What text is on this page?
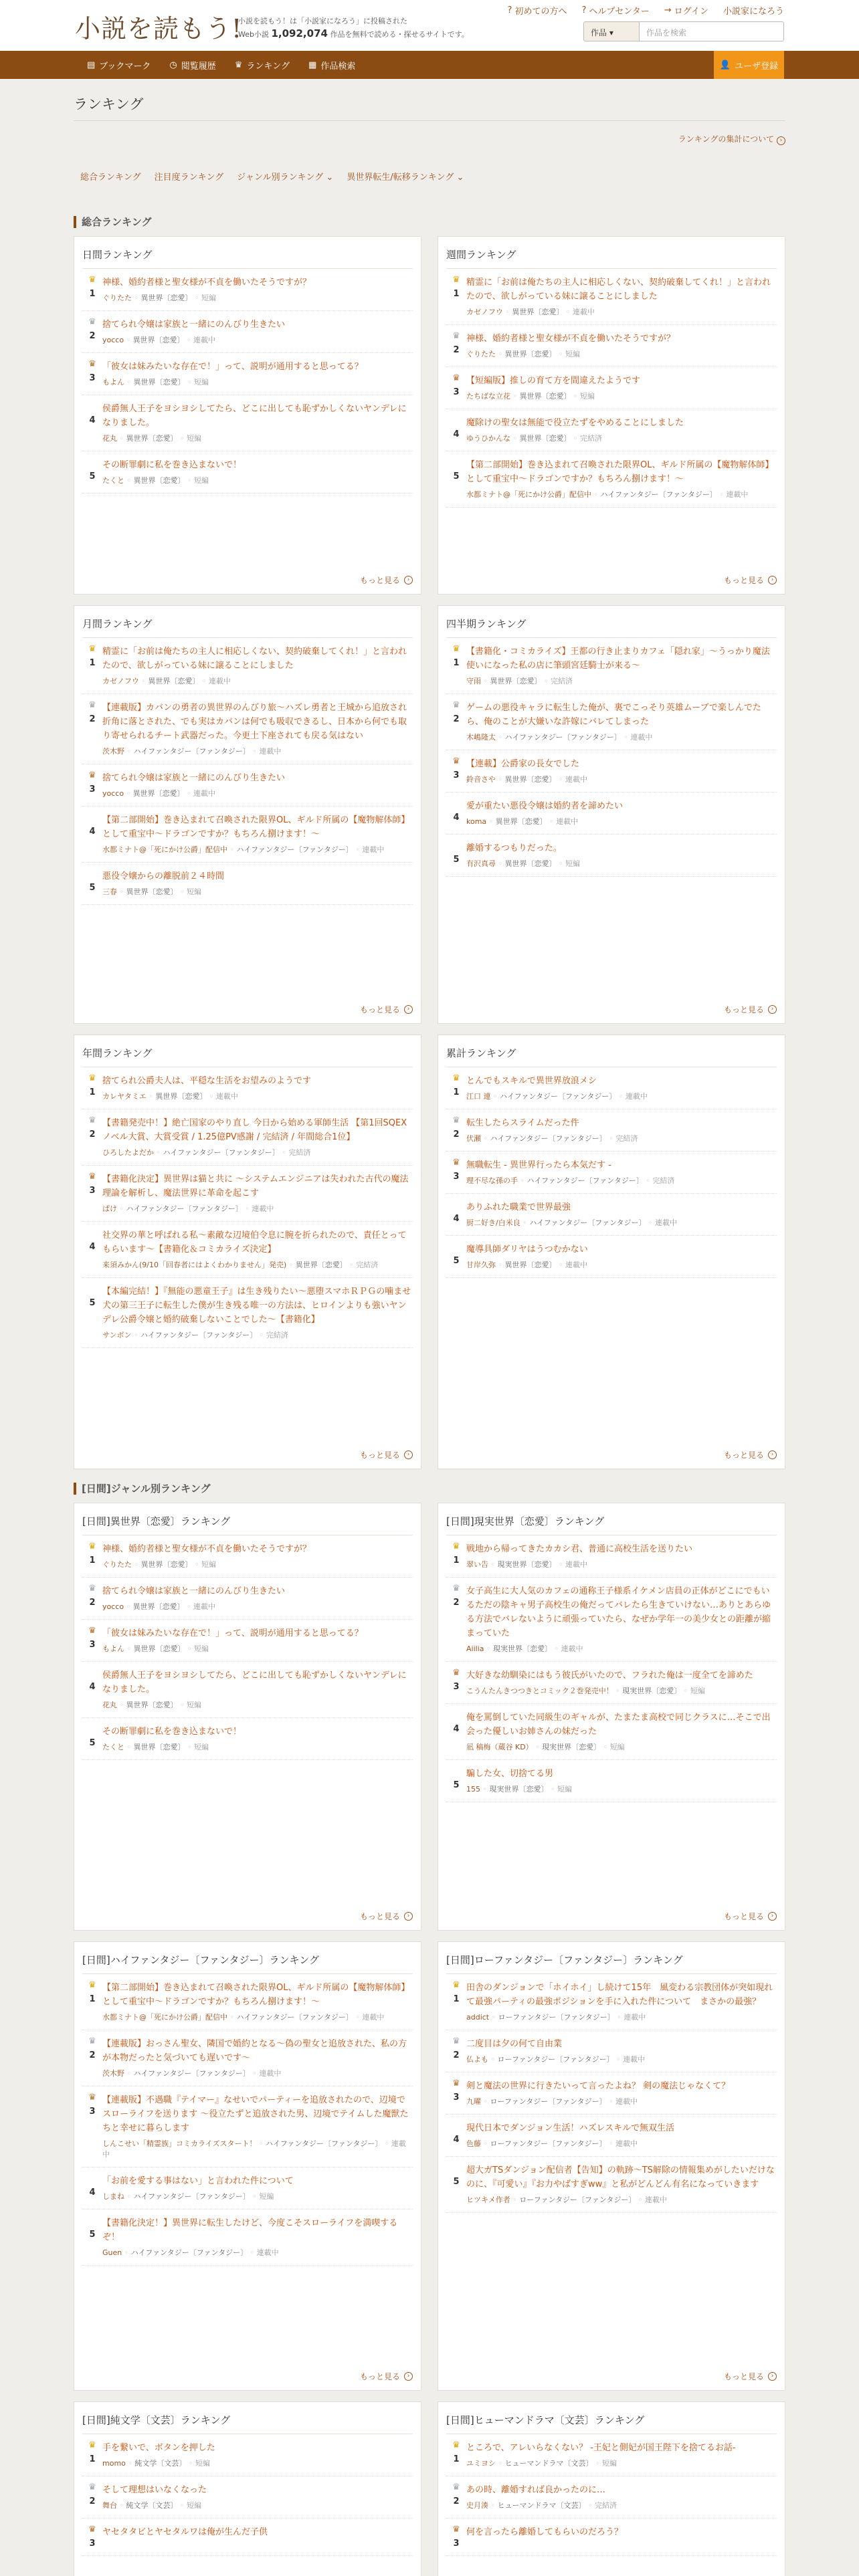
小説を読もう!
小説を読もう！は「小説家になろう」に投稿された
Web小説 1,092,074 作品を無料で読める・探せるサイトです。
? 初めての方へ ? ヘルプセンター → ログイン 小説家になろう
作品 ▾	作品を検索
▤ ブックマーク ◷ 閲覧履歴 ♛ ランキング ▦ 作品検索	👤 ユーザ登録
ランキング
ランキングの集計について ›
総合ランキング	注目度ランキング	ジャンル別ランキング ⌄	異世界転生/転移ランキング ⌄
総合ランキング
日間ランキング
♛
1
神様、婚約者様と聖女様が不貞を働いたそうですが？
ぐりたた ◦ 異世界〔恋愛〕 ◦ 短編
♛
2
捨てられ令嬢は家族と一緒にのんびり生きたい
yocco ◦ 異世界〔恋愛〕 ◦ 連載中
♛
3
「彼女は妹みたいな存在で！」って、説明が通用すると思ってる？
もよん ◦ 異世界〔恋愛〕 ◦ 短編
4
侯爵無人王子をヨシヨシしてたら、どこに出しても恥ずかしくないヤンデレになりました。
花丸 ◦ 異世界〔恋愛〕 ◦ 短編
5
その断罪劇に私を巻き込まないで！
たくと ◦ 異世界〔恋愛〕 ◦ 短編
もっと見る	›
週間ランキング
♛
1
精霊に「お前は俺たちの主人に相応しくない、契約破棄してくれ！」と言われたので、欲しがっている妹に譲ることにしました
カゼノフウ ◦ 異世界〔恋愛〕 ◦ 連載中
♛
2
神様、婚約者様と聖女様が不貞を働いたそうですが？
ぐりたた ◦ 異世界〔恋愛〕 ◦ 短編
♛
3
【短編版】推しの育て方を間違えたようです
たちばな立花 ◦ 異世界〔恋愛〕 ◦ 短編
4
魔除けの聖女は無能で役立たずをやめることにしました
ゆうひかんな ◦ 異世界〔恋愛〕 ◦ 完結済
5
【第二部開始】巻き込まれて召喚された限界OL、ギルド所属の【魔物解体師】として重宝中～ドラゴンですか？もちろん捌けます！～
水都ミナト@「死にかけ公爵」配信中 ◦ ハイファンタジー〔ファンタジー〕 ◦ 連載中
もっと見る	›
月間ランキング
♛
1
精霊に「お前は俺たちの主人に相応しくない、契約破棄してくれ！」と言われたので、欲しがっている妹に譲ることにしました
カゼノフウ ◦ 異世界〔恋愛〕 ◦ 連載中
♛
2
【連載版】カバンの勇者の異世界のんびり旅～ハズレ勇者と王城から追放され折角に落とされた、でも実はカバンは何でも吸収できるし、日本から何でも取り寄せられるチート武器だった。今更土下座されても戻る気はない
茨木野 ◦ ハイファンタジー〔ファンタジー〕 ◦ 連載中
♛
3
捨てられ令嬢は家族と一緒にのんびり生きたい
yocco ◦ 異世界〔恋愛〕 ◦ 連載中
4
【第二部開始】巻き込まれて召喚された限界OL、ギルド所属の【魔物解体師】として重宝中～ドラゴンですか？もちろん捌けます！～
水都ミナト@「死にかけ公爵」配信中 ◦ ハイファンタジー〔ファンタジー〕 ◦ 連載中
5
悪役令嬢からの離脱前２４時間
三春 ◦ 異世界〔恋愛〕 ◦ 短編
もっと見る	›
四半期ランキング
♛
1
【書籍化・コミカライズ】王都の行き止まりカフェ「隠れ家」～うっかり魔法使いになった私の店に筆頭宮廷騎士が来る～
守雨 ◦ 異世界〔恋愛〕 ◦ 完結済
♛
2
ゲームの悪役キャラに転生した俺が、裏でこっそり英雄ムーブで楽しんでたら、俺のことが大嫌いな許嫁にバレてしまった
木嶋隆太 ◦ ハイファンタジー〔ファンタジー〕 ◦ 連載中
♛
3
【連載】公爵家の長女でした
鈴音さや ◦ 異世界〔恋愛〕 ◦ 連載中
4
愛が重たい悪役令嬢は婚約者を諦めたい
koma ◦ 異世界〔恋愛〕 ◦ 連載中
5
離婚するつもりだった。
有沢真尋 ◦ 異世界〔恋愛〕 ◦ 短編
もっと見る	›
年間ランキング
♛
1
捨てられ公爵夫人は、平穏な生活をお望みのようです
カレヤタミエ ◦ 異世界〔恋愛〕 ◦ 連載中
♛
2
【書籍発売中！】絶亡国家のやり直し 今日から始める軍師生活 【第1回SQEXノベル大賞、大賞受賞 / 1.25億PV感謝 / 完結済 / 年間総合1位】
ひろしたよだか ◦ ハイファンタジー〔ファンタジー〕 ◦ 完結済
♛
3
【書籍化決定】異世界は猫と共に ～システムエンジニアは失われた古代の魔法理論を解析し、魔法世界に革命を起こす
ぱけ ◦ ハイファンタジー〔ファンタジー〕 ◦ 連載中
4
社交界の華と呼ばれる私～素敵な辺境伯令息に腕を折られたので、責任とってもらいます～【書籍化＆コミカライズ決定】
来須みかん(9/10「回春者にはよくわかりません」発売) ◦ 異世界〔恋愛〕 ◦ 完結済
5
【本編完結！】『無能の悪童王子』は生き残りたい～悪堕スマホＲＰＧの噛ませ犬の第三王子に転生した僕が生き残る唯一の方法は、ヒロインよりも強いヤンデレ公爵令嬢と婚約破棄しないことでした～【書籍化】
サンボン ◦ ハイファンタジー〔ファンタジー〕 ◦ 完結済
もっと見る	›
累計ランキング
♛
1
とんでもスキルで異世界放浪メシ
江口 連 ◦ ハイファンタジー〔ファンタジー〕 ◦ 連載中
♛
2
転生したらスライムだった件
伏瀬 ◦ ハイファンタジー〔ファンタジー〕 ◦ 完結済
♛
3
無職転生 - 異世界行ったら本気だす -
理不尽な孫の手 ◦ ハイファンタジー〔ファンタジー〕 ◦ 完結済
4
ありふれた職業で世界最強
厨二好き/白米良 ◦ ハイファンタジー〔ファンタジー〕 ◦ 連載中
5
魔導具師ダリヤはうつむかない
甘岸久弥 ◦ 異世界〔恋愛〕 ◦ 連載中
もっと見る	›
[日間]ジャンル別ランキング
[日間]異世界〔恋愛〕ランキング
♛
1
神様、婚約者様と聖女様が不貞を働いたそうですが？
ぐりたた ◦ 異世界〔恋愛〕 ◦ 短編
♛
2
捨てられ令嬢は家族と一緒にのんびり生きたい
yocco ◦ 異世界〔恋愛〕 ◦ 連載中
♛
3
「彼女は妹みたいな存在で！」って、説明が通用すると思ってる？
もよん ◦ 異世界〔恋愛〕 ◦ 短編
4
侯爵無人王子をヨシヨシしてたら、どこに出しても恥ずかしくないヤンデレになりました。
花丸 ◦ 異世界〔恋愛〕 ◦ 短編
5
その断罪劇に私を巻き込まないで！
たくと ◦ 異世界〔恋愛〕 ◦ 短編
もっと見る	›
[日間]現実世界〔恋愛〕ランキング
♛
1
戦地から帰ってきたカカシ君、普通に高校生活を送りたい
翠い告 ◦ 現実世界〔恋愛〕 ◦ 連載中
♛
2
女子高生に大人気のカフェの通称王子様系イケメン店員の正体がどこにでもいるただの陰キャ男子高校生の俺だってバレたら生きていけない…ありとあらゆる方法でバレないように頑張っていたら、なぜか学年一の美少女との距離が縮まっていた
Aiilia ◦ 現実世界〔恋愛〕 ◦ 連載中
♛
3
大好きな幼馴染にはもう彼氏がいたので、フラれた俺は一度全てを諦めた
こうんたんきつつきとコミック２巻発売中！ ◦ 現実世界〔恋愛〕 ◦ 短編
4
俺を罵倒していた同級生のギャルが、たまたま高校で同じクラスに…そこで出会った優しいお姉さんの妹だった
凪 稿梅（蔵谷 KD） ◦ 現実世界〔恋愛〕 ◦ 短編
5
騙した女、切捨てる男
155 ◦ 現実世界〔恋愛〕 ◦ 短編
もっと見る	›
[日間]ハイファンタジー〔ファンタジー〕ランキング
♛
1
【第二部開始】巻き込まれて召喚された限界OL、ギルド所属の【魔物解体師】として重宝中～ドラゴンですか？もちろん捌けます！～
水都ミナト@「死にかけ公爵」配信中 ◦ ハイファンタジー〔ファンタジー〕 ◦ 連載中
♛
2
【連載版】おっさん聖女、隣国で婚約となる～偽の聖女と追放された、私の方が本物だったと気づいても遅いです～
茨木野 ◦ ハイファンタジー〔ファンタジー〕 ◦ 連載中
♛
3
【連載版】不遇職『テイマー』なせいでパーティーを追放されたので、辺境でスローライフを送ります ～役立たずと追放された男、辺境でテイムした魔獣たちと幸せに暮らします
しんこせい「精霊族」コミカライズスタート！ ◦ ハイファンタジー〔ファンタジー〕 ◦ 連載中
4
「お前を愛する事はない」と言われた件について
しまね ◦ ハイファンタジー〔ファンタジー〕 ◦ 短編
5
【書籍化決定！】異世界に転生したけど、今度こそスローライフを満喫するぞ！
Guen ◦ ハイファンタジー〔ファンタジー〕 ◦ 連載中
もっと見る	›
[日間]ローファンタジー〔ファンタジー〕ランキング
♛
1
田舎のダンジョンで「ホイホイ」し続けて15年　風変わる宗教団体が突如現れて最強パーティの最強ポジションを手に入れた件について　まさかの最強？
addict ◦ ローファンタジー〔ファンタジー〕 ◦ 連載中
♛
2
二度目は夕の何て自由業
仏よも ◦ ローファンタジー〔ファンタジー〕 ◦ 連載中
♛
3
剣と魔法の世界に行きたいって言ったよね？ 剣の魔法じゃなくて？
九曜 ◦ ローファンタジー〔ファンタジー〕 ◦ 連載中
4
現代日本でダンジョン生活！ハズレスキルで無双生活
色藤 ◦ ローファンタジー〔ファンタジー〕 ◦ 連載中
5
超大ガTSダンジョン配信者【告知】の軌跡～TS解除の情報集めがしたいだけなのに、『可愛い』『お力やばすぎww』と私がどんどん有名になっていきます
ヒツキメ作者 ◦ ローファンタジー〔ファンタジー〕 ◦ 連載中
もっと見る	›
[日間]純文学〔文芸〕ランキング
♛
1
手を繋いで、ボタンを押した
momo ◦ 純文学〔文芸〕 ◦ 短編
♛
2
そして理想はいなくなった
舞台 ◦ 純文学〔文芸〕 ◦ 短編
♛
3
ヤセタタビとヤセタルワは俺が生んだ子供
[日間]ヒューマンドラマ〔文芸〕ランキング
♛
1
ところで、アレいらなくない？ -王妃と側妃が国王陛下を捨てるお話-
ユミヨシ ◦ ヒューマンドラマ〔文芸〕 ◦ 短編
♛
2
あの時、離婚すれば良かったのに…
史月湊 ◦ ヒューマンドラマ〔文芸〕 ◦ 完結済
♛
3
何を言ったら離婚してもらいのだろう？
